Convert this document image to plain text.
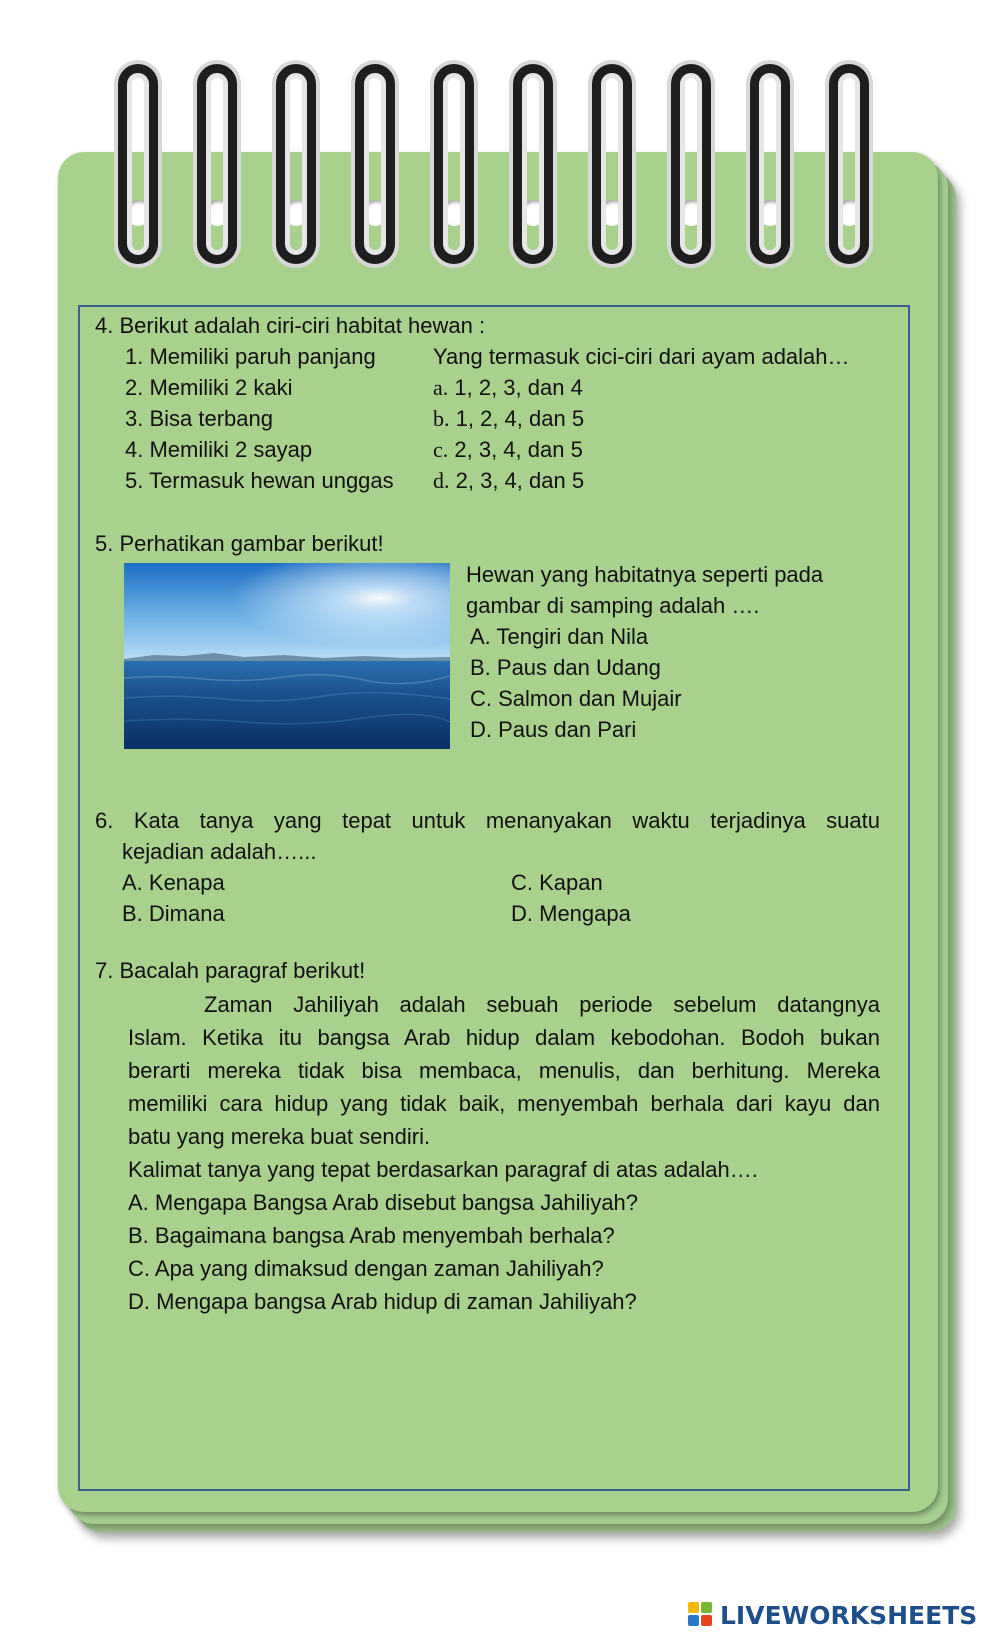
4. Berikut adalah ciri-ciri habitat hewan :
1. Memiliki paruh panjang
2. Memiliki 2 kaki
3. Bisa terbang
4. Memiliki 2 sayap
5. Termasuk hewan unggas
Yang termasuk cici-ciri dari ayam adalah…
a. 1, 2, 3, dan 4
b. 1, 2, 4, dan 5
c. 2, 3, 4, dan 5
d. 2, 3, 4, dan 5
5. Perhatikan gambar berikut!
Hewan yang habitatnya seperti pada
gambar di samping adalah ….
A. Tengiri dan Nila
B. Paus dan Udang
C. Salmon dan Mujair
D. Paus dan Pari
6. Kata tanya yang tepat untuk menanyakan waktu terjadinya suatu
kejadian adalah…...
A. Kenapa
B. Dimana
C. Kapan
D. Mengapa
7. Bacalah paragraf berikut!
Zaman Jahiliyah adalah sebuah periode sebelum datangnya
Islam. Ketika itu bangsa Arab hidup dalam kebodohan. Bodoh bukan
berarti mereka tidak bisa membaca, menulis, dan berhitung. Mereka
memiliki cara hidup yang tidak baik, menyembah berhala dari kayu dan
batu yang mereka buat sendiri.
Kalimat tanya yang tepat berdasarkan paragraf di atas adalah….
A. Mengapa Bangsa Arab disebut bangsa Jahiliyah?
B. Bagaimana bangsa Arab menyembah berhala?
C. Apa yang dimaksud dengan zaman Jahiliyah?
D. Mengapa bangsa Arab hidup di zaman Jahiliyah?
LIVEWORKSHEETS
